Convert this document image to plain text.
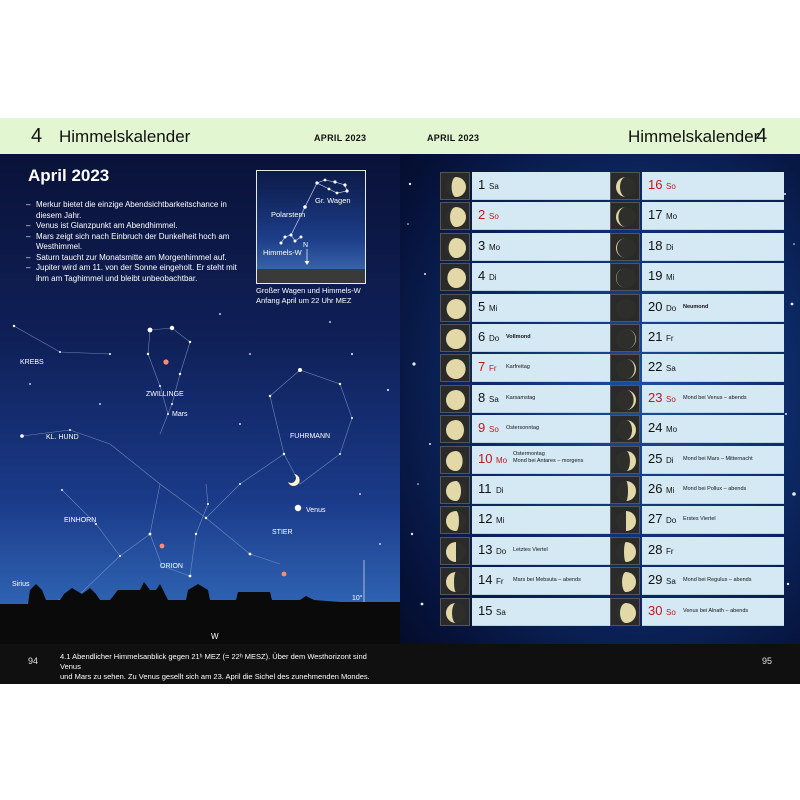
4 Himmelskalender	APRIL 2023	APRIL 2023	Himmelskalender
4
April 2023
– Merkur bietet die einzige Abendsichtbarkeitschance in diesem Jahr.
– Venus ist Glanzpunkt am Abendhimmel.
– Mars zeigt sich nach Einbruch der Dunkelheit hoch am Westhimmel.
– Saturn taucht zur Monatsmitte am Morgenhimmel auf.
– Jupiter wird am 11. von der Sonne eingeholt. Er steht mit ihm am Taghimmel und bleibt unbeobachtbar.
Gr. Wagen
Polarstern
Himmels-W
N
Großer Wagen und Himmels-W
Anfang April um 22 Uhr MEZ
KREBS
ZWILLINGE
Mars
KL. HUND	FUHRMANN
Venus
EINHORN
STIER
ORION
Sirius
10°
W
94	4.1 Abendlicher Himmelsanblick gegen 21ʰ MEZ (= 22ʰ MESZ). Über dem Westhorizont sind Venus
und Mars zu sehen. Zu Venus gesellt sich am 23. April die Sichel des zunehmenden Mondes.
1 Sa
2 So
3 Mo
4 Di
5 Mi
6 Do Vollmond
7 Fr Karfreitag
8 Sa Karsamstag
9 So Ostersonntag
10 Mo
Ostermontag
Mond bei Antares – morgens
11 Di
12 Mi
13 Do Letztes Viertel
14 Fr Mars bei Mebsuta – abends
15 Sa
16 So
17 Mo
18 Di
19 Mi
20 Do Neumond
21 Fr
22 Sa
23 So Mond bei Venus – abends
24 Mo
25 Di Mond bei Mars – Mitternacht
26 Mi Mond bei Pollux – abends
27 Do Erstes Viertel
28 Fr
29 Sa Mond bei Regulus – abends
30 So Venus bei Alnath – abends
95
